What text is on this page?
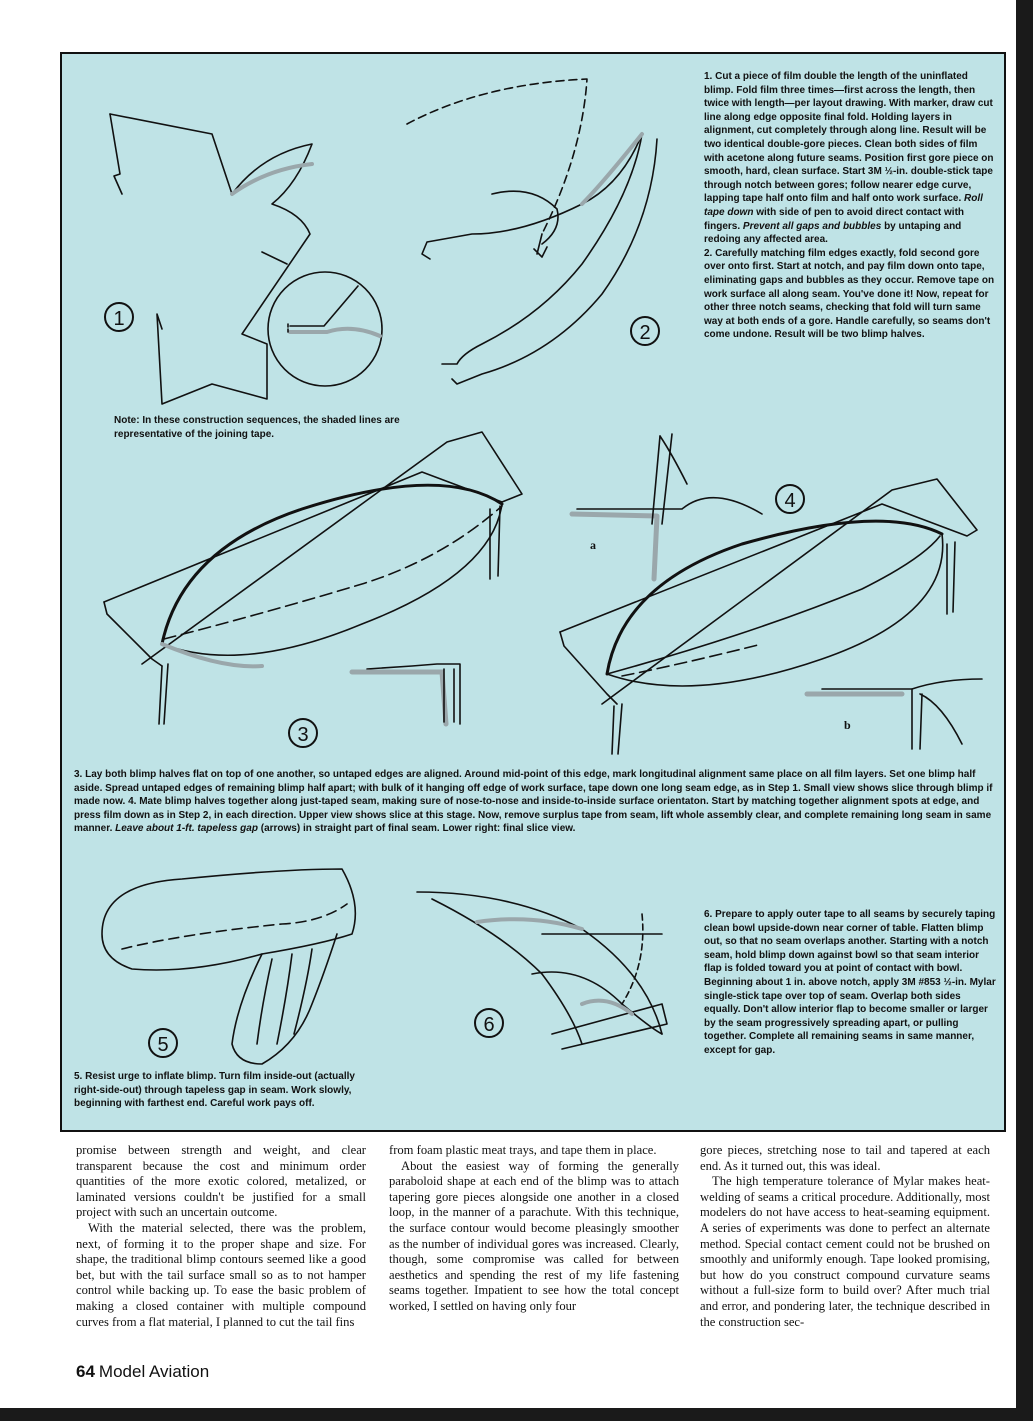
1
2
3
4
5
6
a
b

1. Cut a piece of film double the length of the uninflated blimp. Fold film three times—first across the length, then twice with length—per layout drawing. With marker, draw cut line along edge opposite final fold. Holding layers in alignment, cut completely through along line. Result will be two identical double-gore pieces. Clean both sides of film with acetone along future seams. Position first gore piece on smooth, hard, clean surface. Start 3M ½-in. double-stick tape through notch between gores; follow nearer edge curve, lapping tape half onto film and half onto work surface. Roll tape down with side of pen to avoid direct contact with fingers. Prevent all gaps and bubbles by untaping and redoing any affected area.

2. Carefully matching film edges exactly, fold second gore over onto first. Start at notch, and pay film down onto tape, eliminating gaps and bubbles as they occur. Remove tape on work surface all along seam. You've done it! Now, repeat for other three notch seams, checking that fold will turn same way at both ends of a gore. Handle carefully, so seams don't come undone. Result will be two blimp halves.

Note: In these construction sequences, the shaded lines are representative of the joining tape.
3. Lay both blimp halves flat on top of one another, so untaped edges are aligned. Around mid-point of this edge, mark longitudinal alignment same place on all film layers. Set one blimp half aside. Spread untaped edges of remaining blimp half apart; with bulk of it hanging off edge of work surface, tape down one long seam edge, as in Step 1. Small view shows slice through blimp if made now. 4. Mate blimp halves together along just-taped seam, making sure of nose-to-nose and inside-to-inside surface orientaton. Start by matching together alignment spots at edge, and press film down as in Step 2, in each direction. Upper view shows slice at this stage. Now, remove surplus tape from seam, lift whole assembly clear, and complete remaining long seam in same manner. Leave about 1-ft. tapeless gap (arrows) in straight part of final seam. Lower right: final slice view.
5. Resist urge to inflate blimp. Turn film inside-out (actually right-side-out) through tapeless gap in seam. Work slowly, beginning with farthest end. Careful work pays off.
6. Prepare to apply outer tape to all seams by securely taping clean bowl upside-down near corner of table. Flatten blimp out, so that no seam overlaps another. Starting with a notch seam, hold blimp down against bowl so that seam interior flap is folded toward you at point of contact with bowl. Beginning about 1 in. above notch, apply 3M #853 ½-in. Mylar single-stick tape over top of seam. Overlap both sides equally. Don't allow interior flap to become smaller or larger by the seam progressively spreading apart, or pulling together. Complete all remaining seams in same manner, except for gap.

promise between strength and weight, and clear transparent because the cost and minimum order quantities of the more exotic colored, metalized, or laminated versions couldn't be justified for a small project with such an uncertain outcome.

With the material selected, there was the problem, next, of forming it to the proper shape and size. For shape, the traditional blimp contours seemed like a good bet, but with the tail surface small so as to not hamper control while backing up. To ease the basic problem of making a closed container with multiple compound curves from a flat material, I planned to cut the tail fins

from foam plastic meat trays, and tape them in place.

About the easiest way of forming the generally paraboloid shape at each end of the blimp was to attach tapering gore pieces alongside one another in a closed loop, in the manner of a parachute. With this technique, the surface contour would become pleasingly smoother as the number of individual gores was increased. Clearly, though, some compromise was called for between aesthetics and spending the rest of my life fastening seams together. Impatient to see how the total concept worked, I settled on having only four

gore pieces, stretching nose to tail and tapered at each end. As it turned out, this was ideal.

The high temperature tolerance of Mylar makes heat-welding of seams a critical procedure. Additionally, most modelers do not have access to heat-seaming equipment. A series of experiments was done to perfect an alternate method. Special contact cement could not be brushed on smoothly and uniformly enough. Tape looked promising, but how do you construct compound curvature seams without a full-size form to build over? After much trial and error, and pondering later, the technique described in the construction sec-

64 Model Aviation
